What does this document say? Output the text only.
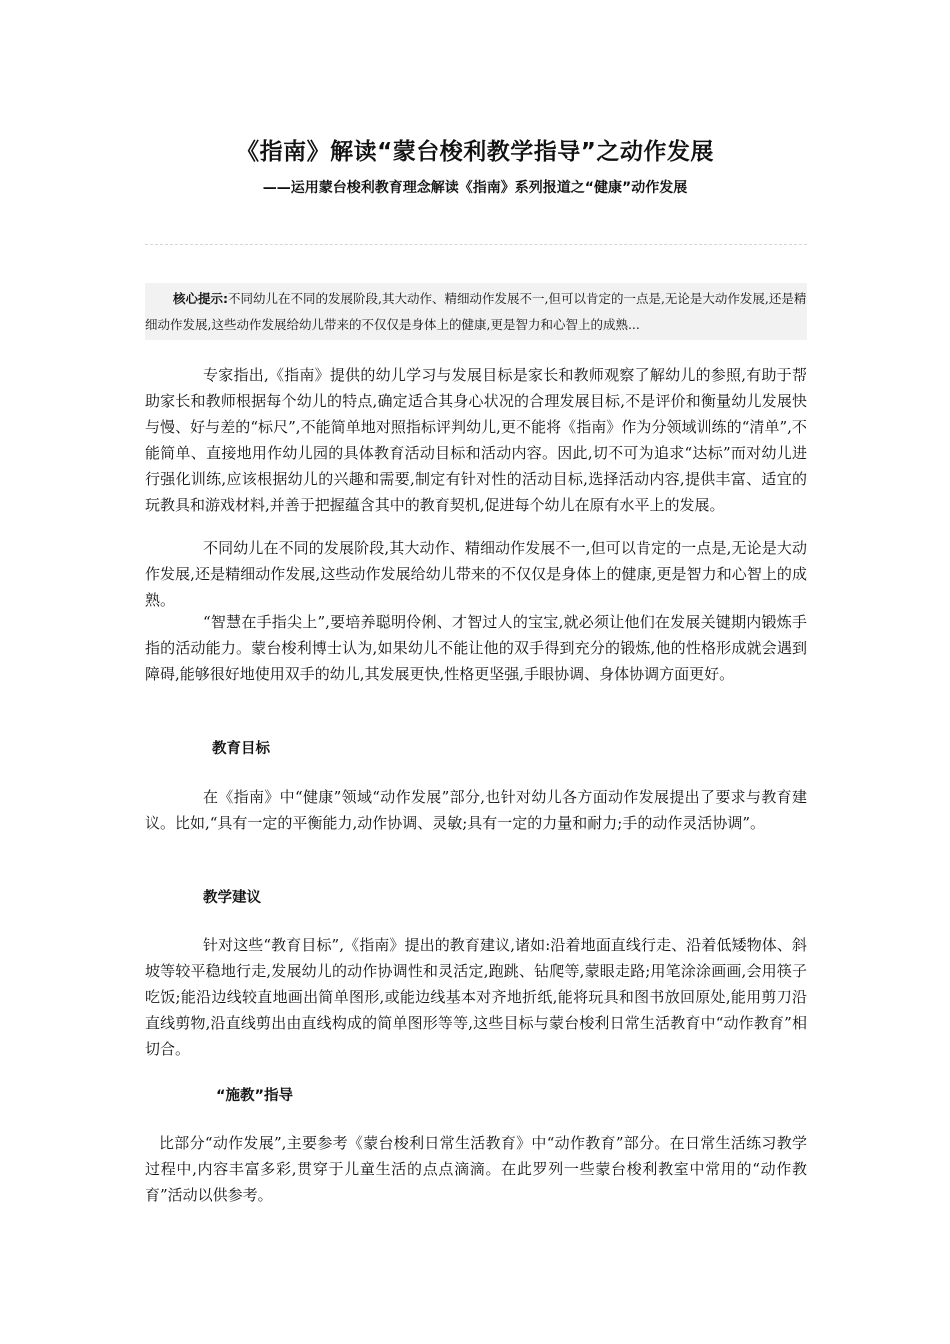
《指南》解读“蒙台梭利教学指导”之动作发展
——运用蒙台梭利教育理念解读《指南》系列报道之“健康”动作发展
核心提示:不同幼儿在不同的发展阶段,其大动作、精细动作发展不一,但可以肯定的一点是,无论是大动作发展,还是精细动作发展,这些动作发展给幼儿带来的不仅仅是身体上的健康,更是智力和心智上的成熟...

专家指出,《指南》提供的幼儿学习与发展目标是家长和教师观察了解幼儿的参照,有助于帮助家长和教师根据每个幼儿的特点,确定适合其身心状况的合理发展目标,不是评价和衡量幼儿发展快与慢、好与差的“标尺”,不能简单地对照指标评判幼儿,更不能将《指南》作为分领域训练的“清单”,不能简单、直接地用作幼儿园的具体教育活动目标和活动内容。因此,切不可为追求“达标”而对幼儿进行强化训练,应该根据幼儿的兴趣和需要,制定有针对性的活动目标,选择活动内容,提供丰富、适宜的玩教具和游戏材料,并善于把握蕴含其中的教育契机,促进每个幼儿在原有水平上的发展。

不同幼儿在不同的发展阶段,其大动作、精细动作发展不一,但可以肯定的一点是,无论是大动作发展,还是精细动作发展,这些动作发展给幼儿带来的不仅仅是身体上的健康,更是智力和心智上的成熟。

“智慧在手指尖上”,要培养聪明伶俐、才智过人的宝宝,就必须让他们在发展关键期内锻炼手指的活动能力。蒙台梭利博士认为,如果幼儿不能让他的双手得到充分的锻炼,他的性格形成就会遇到障碍,能够很好地使用双手的幼儿,其发展更快,性格更坚强,手眼协调、身体协调方面更好。

教育目标

在《指南》中“健康”领域“动作发展”部分,也针对幼儿各方面动作发展提出了要求与教育建议。比如,“具有一定的平衡能力,动作协调、灵敏;具有一定的力量和耐力;手的动作灵活协调”。

教学建议

针对这些“教育目标”,《指南》提出的教育建议,诸如:沿着地面直线行走、沿着低矮物体、斜坡等较平稳地行走,发展幼儿的动作协调性和灵活定,跑跳、钻爬等,蒙眼走路;用笔涂涂画画,会用筷子吃饭;能沿边线较直地画出简单图形,或能边线基本对齐地折纸,能将玩具和图书放回原处,能用剪刀沿直线剪物,沿直线剪出由直线构成的简单图形等等,这些目标与蒙台梭利日常生活教育中“动作教育”相切合。

“施教”指导

比部分“动作发展”,主要参考《蒙台梭利日常生活教育》中“动作教育”部分。在日常生活练习教学过程中,内容丰富多彩,贯穿于儿童生活的点点滴滴。在此罗列一些蒙台梭利教室中常用的“动作教育”活动以供参考。
